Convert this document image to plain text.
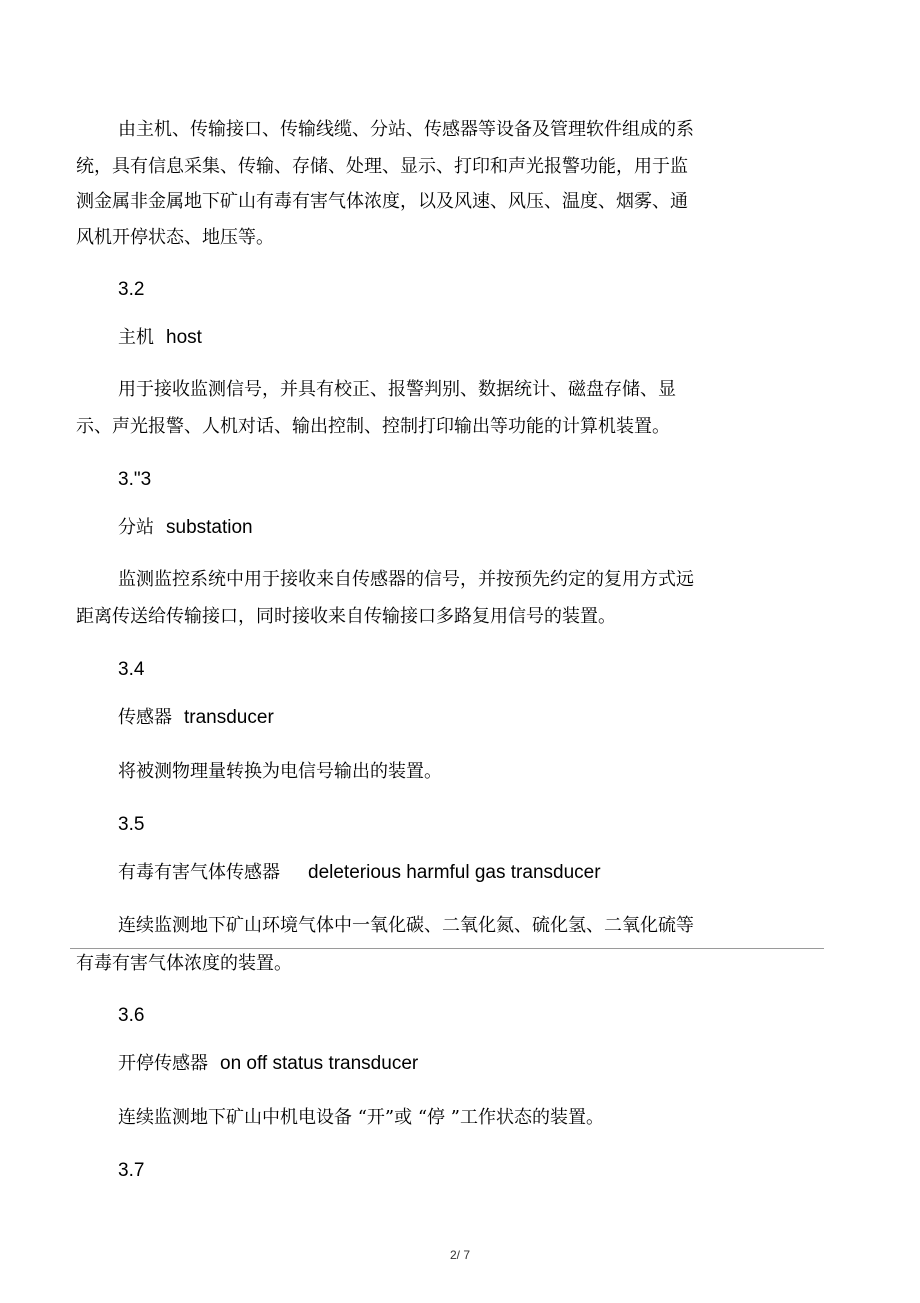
由主机、传输接口、传输线缆、分站、传感器等设备及管理软件组成的系
统，具有信息采集、传输、存储、处理、显示、打印和声光报警功能，用于监
测金属非金属地下矿山有毒有害气体浓度，以及风速、风压、温度、烟雾、通
风机开停状态、地压等。
3.2
主机 host
用于接收监测信号，并具有校正、报警判别、数据统计、磁盘存储、显
示、声光报警、人机对话、输出控制、控制打印输出等功能的计算机装置。
3."3
分站 substation
监测监控系统中用于接收来自传感器的信号，并按预先约定的复用方式远
距离传送给传输接口，同时接收来自传输接口多路复用信号的装置。
3.4
传感器 transducer
将被测物理量转换为电信号输出的装置。
3.5
有毒有害气体传感器 deleterious harmful gas transducer
连续监测地下矿山环境气体中一氧化碳、二氧化氮、硫化氢、二氧化硫等
有毒有害气体浓度的装置。
3.6
开停传感器 on off status transducer
连续监测地下矿山中机电设备 “开”或 “停 ”工作状态的装置。
3.7
2/ 7
